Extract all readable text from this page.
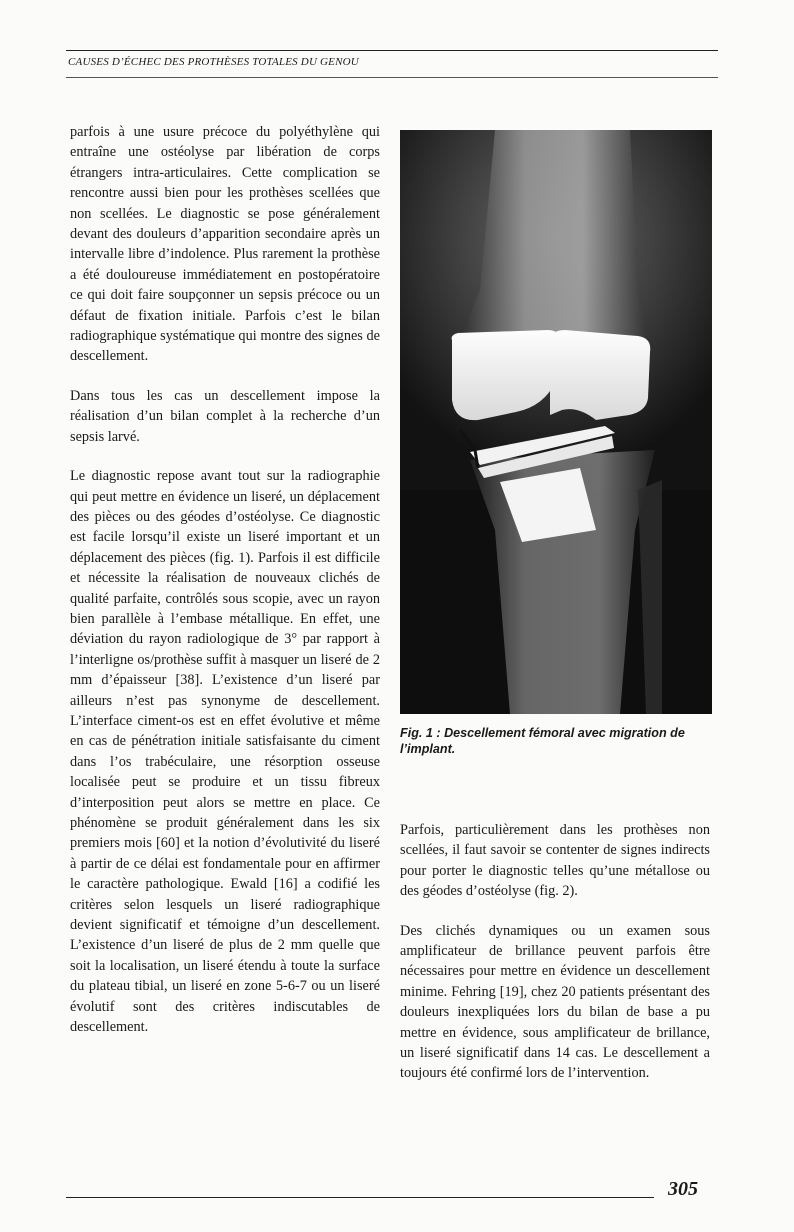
CAUSES D’ÉCHEC DES PROTHÈSES TOTALES DU GENOU

parfois à une usure précoce du polyéthylène qui entraîne une ostéolyse par libération de corps étrangers intra-articulaires. Cette complication se rencontre aussi bien pour les prothèses scellées que non scellées. Le diagnostic se pose généralement devant des douleurs d’apparition secondaire après un intervalle libre d’indolence. Plus rarement la prothèse a été douloureuse immédiatement en postopératoire ce qui doit faire soupçonner un sepsis précoce ou un défaut de fixation initiale. Parfois c’est le bilan radiographique systématique qui montre des signes de descellement.

Dans tous les cas un descellement impose la réalisation d’un bilan complet à la recherche d’un sepsis larvé.

Le diagnostic repose avant tout sur la radiographie qui peut mettre en évidence un liseré, un déplacement des pièces ou des géodes d’ostéolyse. Ce diagnostic est facile lorsqu’il existe un liseré important et un déplacement des pièces (fig. 1). Parfois il est difficile et nécessite la réalisation de nouveaux clichés de qualité parfaite, contrôlés sous scopie, avec un rayon bien parallèle à l’embase métallique. En effet, une déviation du rayon radiologique de 3° par rapport à l’interligne os/prothèse suffit à masquer un liseré de 2 mm d’épaisseur [38]. L’existence d’un liseré par ailleurs n’est pas synonyme de descellement. L’interface ciment-os est en effet évolutive et même en cas de pénétration initiale satisfaisante du ciment dans l’os trabéculaire, une résorption osseuse localisée peut se produire et un tissu fibreux d’interposition peut alors se mettre en place. Ce phénomène se produit généralement dans les six premiers mois [60] et la notion d’évolutivité du liseré à partir de ce délai est fondamentale pour en affirmer le caractère pathologique. Ewald [16] a codifié les critères selon lesquels un liseré radiographique devient significatif et témoigne d’un descellement. L’existence d’un liseré de plus de 2 mm quelle que soit la localisation, un liseré étendu à toute la surface du plateau tibial, un liseré en zone 5-6-7 ou un liseré évolutif sont des critères indiscutables de descellement.

Fig. 1 : Descellement fémoral avec migration de l’implant.

Parfois, particulièrement dans les prothèses non scellées, il faut savoir se contenter de signes indirects pour porter le diagnostic telles qu’une métallose ou des géodes d’ostéolyse (fig. 2).

Des clichés dynamiques ou un examen sous amplificateur de brillance peuvent parfois être nécessaires pour mettre en évidence un descellement minime. Fehring [19], chez 20 patients présentant des douleurs inexpliquées lors du bilan de base a pu mettre en évidence, sous amplificateur de brillance, un liseré significatif dans 14 cas. Le descellement a toujours été confirmé lors de l’intervention.

305
